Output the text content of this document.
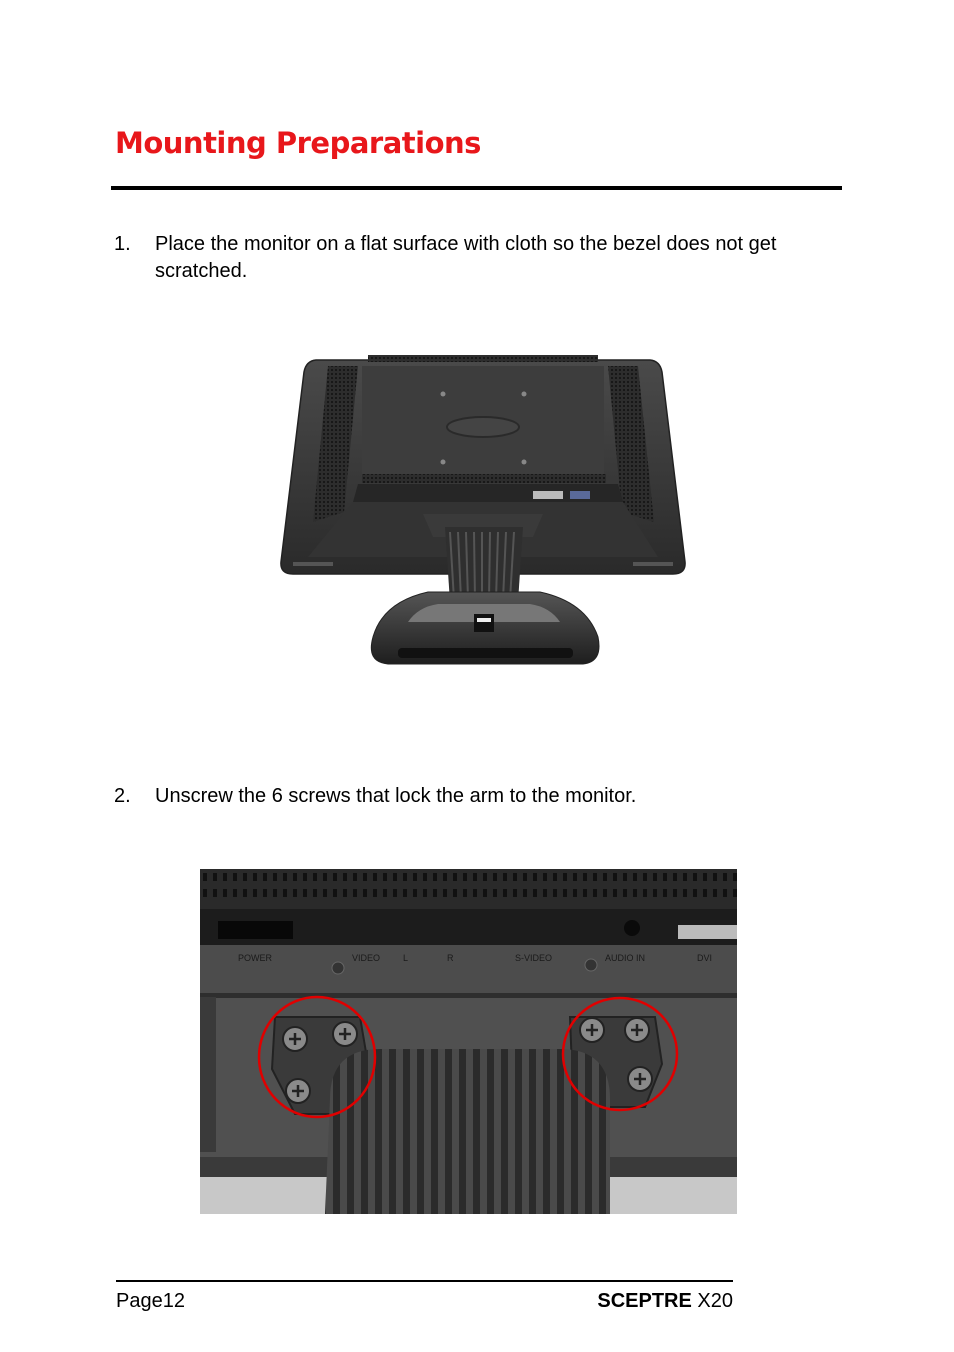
Mounting Preparations
1. Place the monitor on a flat surface with cloth so the bezel does not get scratched.
2. Unscrew the 6 screws that lock the arm to the monitor.
POWER	VIDEO	L	R	S-VIDEO	AUDIO IN	DVI
Page12	SCEPTRE X20
